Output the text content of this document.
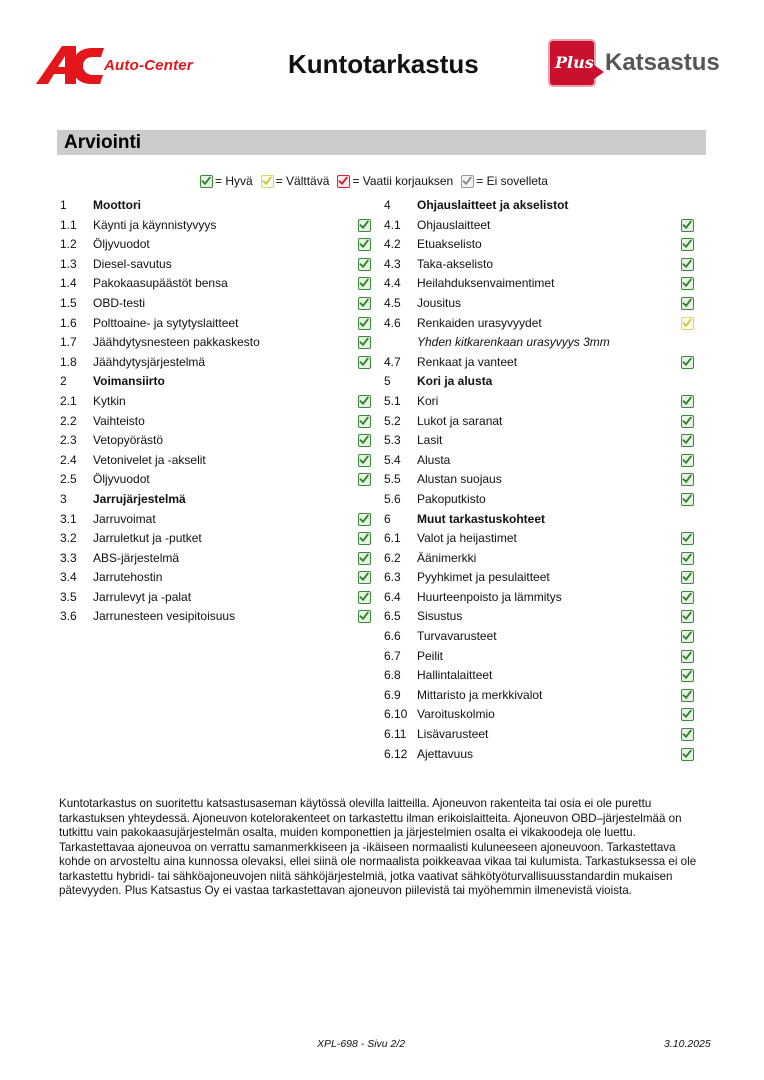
Auto-Center	Kuntotarkastus	Plus Katsastus
Arviointi
= Hyvä = Välttävä = Vaatii korjauksen = Ei sovelleta
1 Moottori
1.1 Käynti ja käynnistyvyys
1.2 Öljyvuodot
1.3 Diesel-savutus
1.4 Pakokaasupäästöt bensa
1.5 OBD-testi
1.6 Polttoaine- ja sytytyslaitteet
1.7 Jäähdytysnesteen pakkaskesto
1.8 Jäähdytysjärjestelmä
2 Voimansiirto
2.1 Kytkin
2.2 Vaihteisto
2.3 Vetopyörästö
2.4 Vetonivelet ja -akselit
2.5 Öljyvuodot
3 Jarrujärjestelmä
3.1 Jarruvoimat
3.2 Jarruletkut ja -putket
3.3 ABS-järjestelmä
3.4 Jarrutehostin
3.5 Jarrulevyt ja -palat
3.6 Jarrunesteen vesipitoisuus
4 Ohjauslaitteet ja akselistot
4.1 Ohjauslaitteet
4.2 Etuakselisto
4.3 Taka-akselisto
4.4 Heilahduksenvaimentimet
4.5 Jousitus
4.6 Renkaiden urasyvyydet
Yhden kitkarenkaan urasyvyys 3mm
4.7 Renkaat ja vanteet
5 Kori ja alusta
5.1 Kori
5.2 Lukot ja saranat
5.3 Lasit
5.4 Alusta
5.5 Alustan suojaus
5.6 Pakoputkisto
6 Muut tarkastuskohteet
6.1 Valot ja heijastimet
6.2 Äänimerkki
6.3 Pyyhkimet ja pesulaitteet
6.4 Huurteenpoisto ja lämmitys
6.5 Sisustus
6.6 Turvavarusteet
6.7 Peilit
6.8 Hallintalaitteet
6.9 Mittaristo ja merkkivalot
6.10 Varoituskolmio
6.11 Lisävarusteet
6.12 Ajettavuus
Kuntotarkastus on suoritettu katsastusaseman käytössä olevilla laitteilla. Ajoneuvon rakenteita tai osia ei ole purettu tarkastuksen yhteydessä. Ajoneuvon kotelorakenteet on tarkastettu ilman erikoislaitteita. Ajoneuvon OBD–järjestelmää on tutkittu vain pakokaasujärjestelmän osalta, muiden komponettien ja järjestelmien osalta ei vikakoodeja ole luettu. Tarkastettavaa ajoneuvoa on verrattu samanmerkkiseen ja -ikäiseen normaalisti kuluneeseen ajoneuvoon. Tarkastettava kohde on arvosteltu aina kunnossa olevaksi, ellei siinä ole normaalista poikkeavaa vikaa tai kulumista. Tarkastuksessa ei ole tarkastettu hybridi- tai sähköajoneuvojen niitä sähköjärjestelmiä, jotka vaativat sähkötyöturvallisuusstandardin mukaisen pätevyyden. Plus Katsastus Oy ei vastaa tarkastettavan ajoneuvon piilevistä tai myöhemmin ilmenevistä vioista.
XPL-698 - Sivu 2/2	3.10.2025
